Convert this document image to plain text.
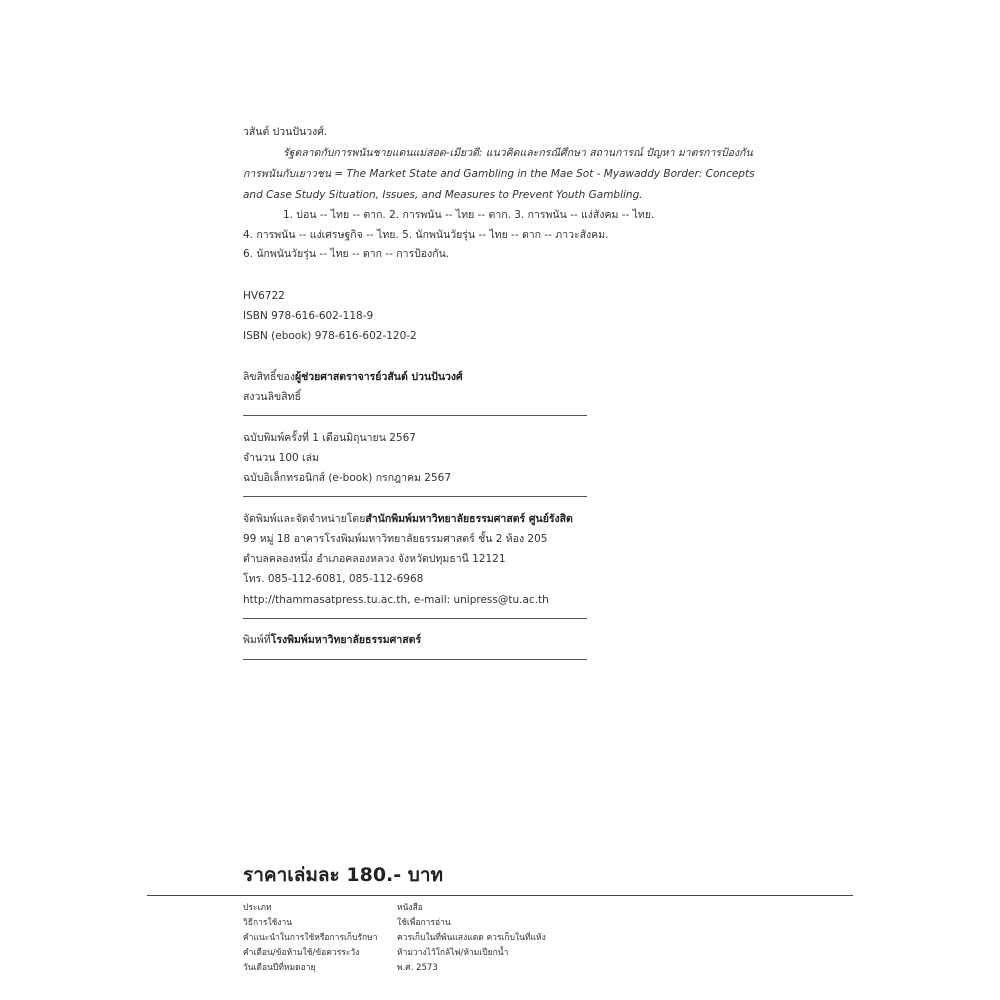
วสันต์ ปวนปันวงศ์.
รัฐตลาดกับการพนันชายแดนแม่สอด-เมียวดี: แนวคิดและกรณีศึกษา สถานการณ์ ปัญหา มาตรการป้องกัน
การพนันกับเยาวชน = The Market State and Gambling in the Mae Sot - Myawaddy Border: Concepts
and Case Study Situation, Issues, and Measures to Prevent Youth Gambling.
1. บ่อน -- ไทย -- ตาก. 2. การพนัน -- ไทย -- ตาก. 3. การพนัน -- แง่สังคม -- ไทย.
4. การพนัน -- แง่เศรษฐกิจ -- ไทย. 5. นักพนันวัยรุ่น -- ไทย -- ตาก -- ภาวะสังคม.
6. นักพนันวัยรุ่น -- ไทย -- ตาก -- การป้องกัน.
HV6722
ISBN 978-616-602-118-9
ISBN (ebook) 978-616-602-120-2
ลิขสิทธิ์ของผู้ช่วยศาสตราจารย์วสันต์ ปวนปันวงศ์
สงวนลิขสิทธิ์
ฉบับพิมพ์ครั้งที่ 1 เดือนมิถุนายน 2567
จำนวน 100 เล่ม
ฉบับอิเล็กทรอนิกส์ (e-book) กรกฎาคม 2567
จัดพิมพ์และจัดจำหน่ายโดยสำนักพิมพ์มหาวิทยาลัยธรรมศาสตร์ ศูนย์รังสิต
99 หมู่ 18 อาคารโรงพิมพ์มหาวิทยาลัยธรรมศาสตร์ ชั้น 2 ห้อง 205
ตำบลคลองหนึ่ง อำเภอคลองหลวง จังหวัดปทุมธานี 12121
โทร. 085-112-6081, 085-112-6968
http://thammasatpress.tu.ac.th, e-mail: unipress@tu.ac.th
พิมพ์ที่โรงพิมพ์มหาวิทยาลัยธรรมศาสตร์
ราคาเล่มละ 180.- บาท
ประเภท
วิธีการใช้งาน
คำแนะนำในการใช้หรือการเก็บรักษา
คำเตือน/ข้อห้ามใช้/ข้อควรระวัง
วันเดือนปีที่หมดอายุ
หนังสือ
ใช้เพื่อการอ่าน
ควรเก็บในที่พ้นแสงแดด ควรเก็บในที่แห้ง
ห้ามวางไว้ใกล้ไฟ/ห้ามเปียกน้ำ
พ.ศ. 2573
